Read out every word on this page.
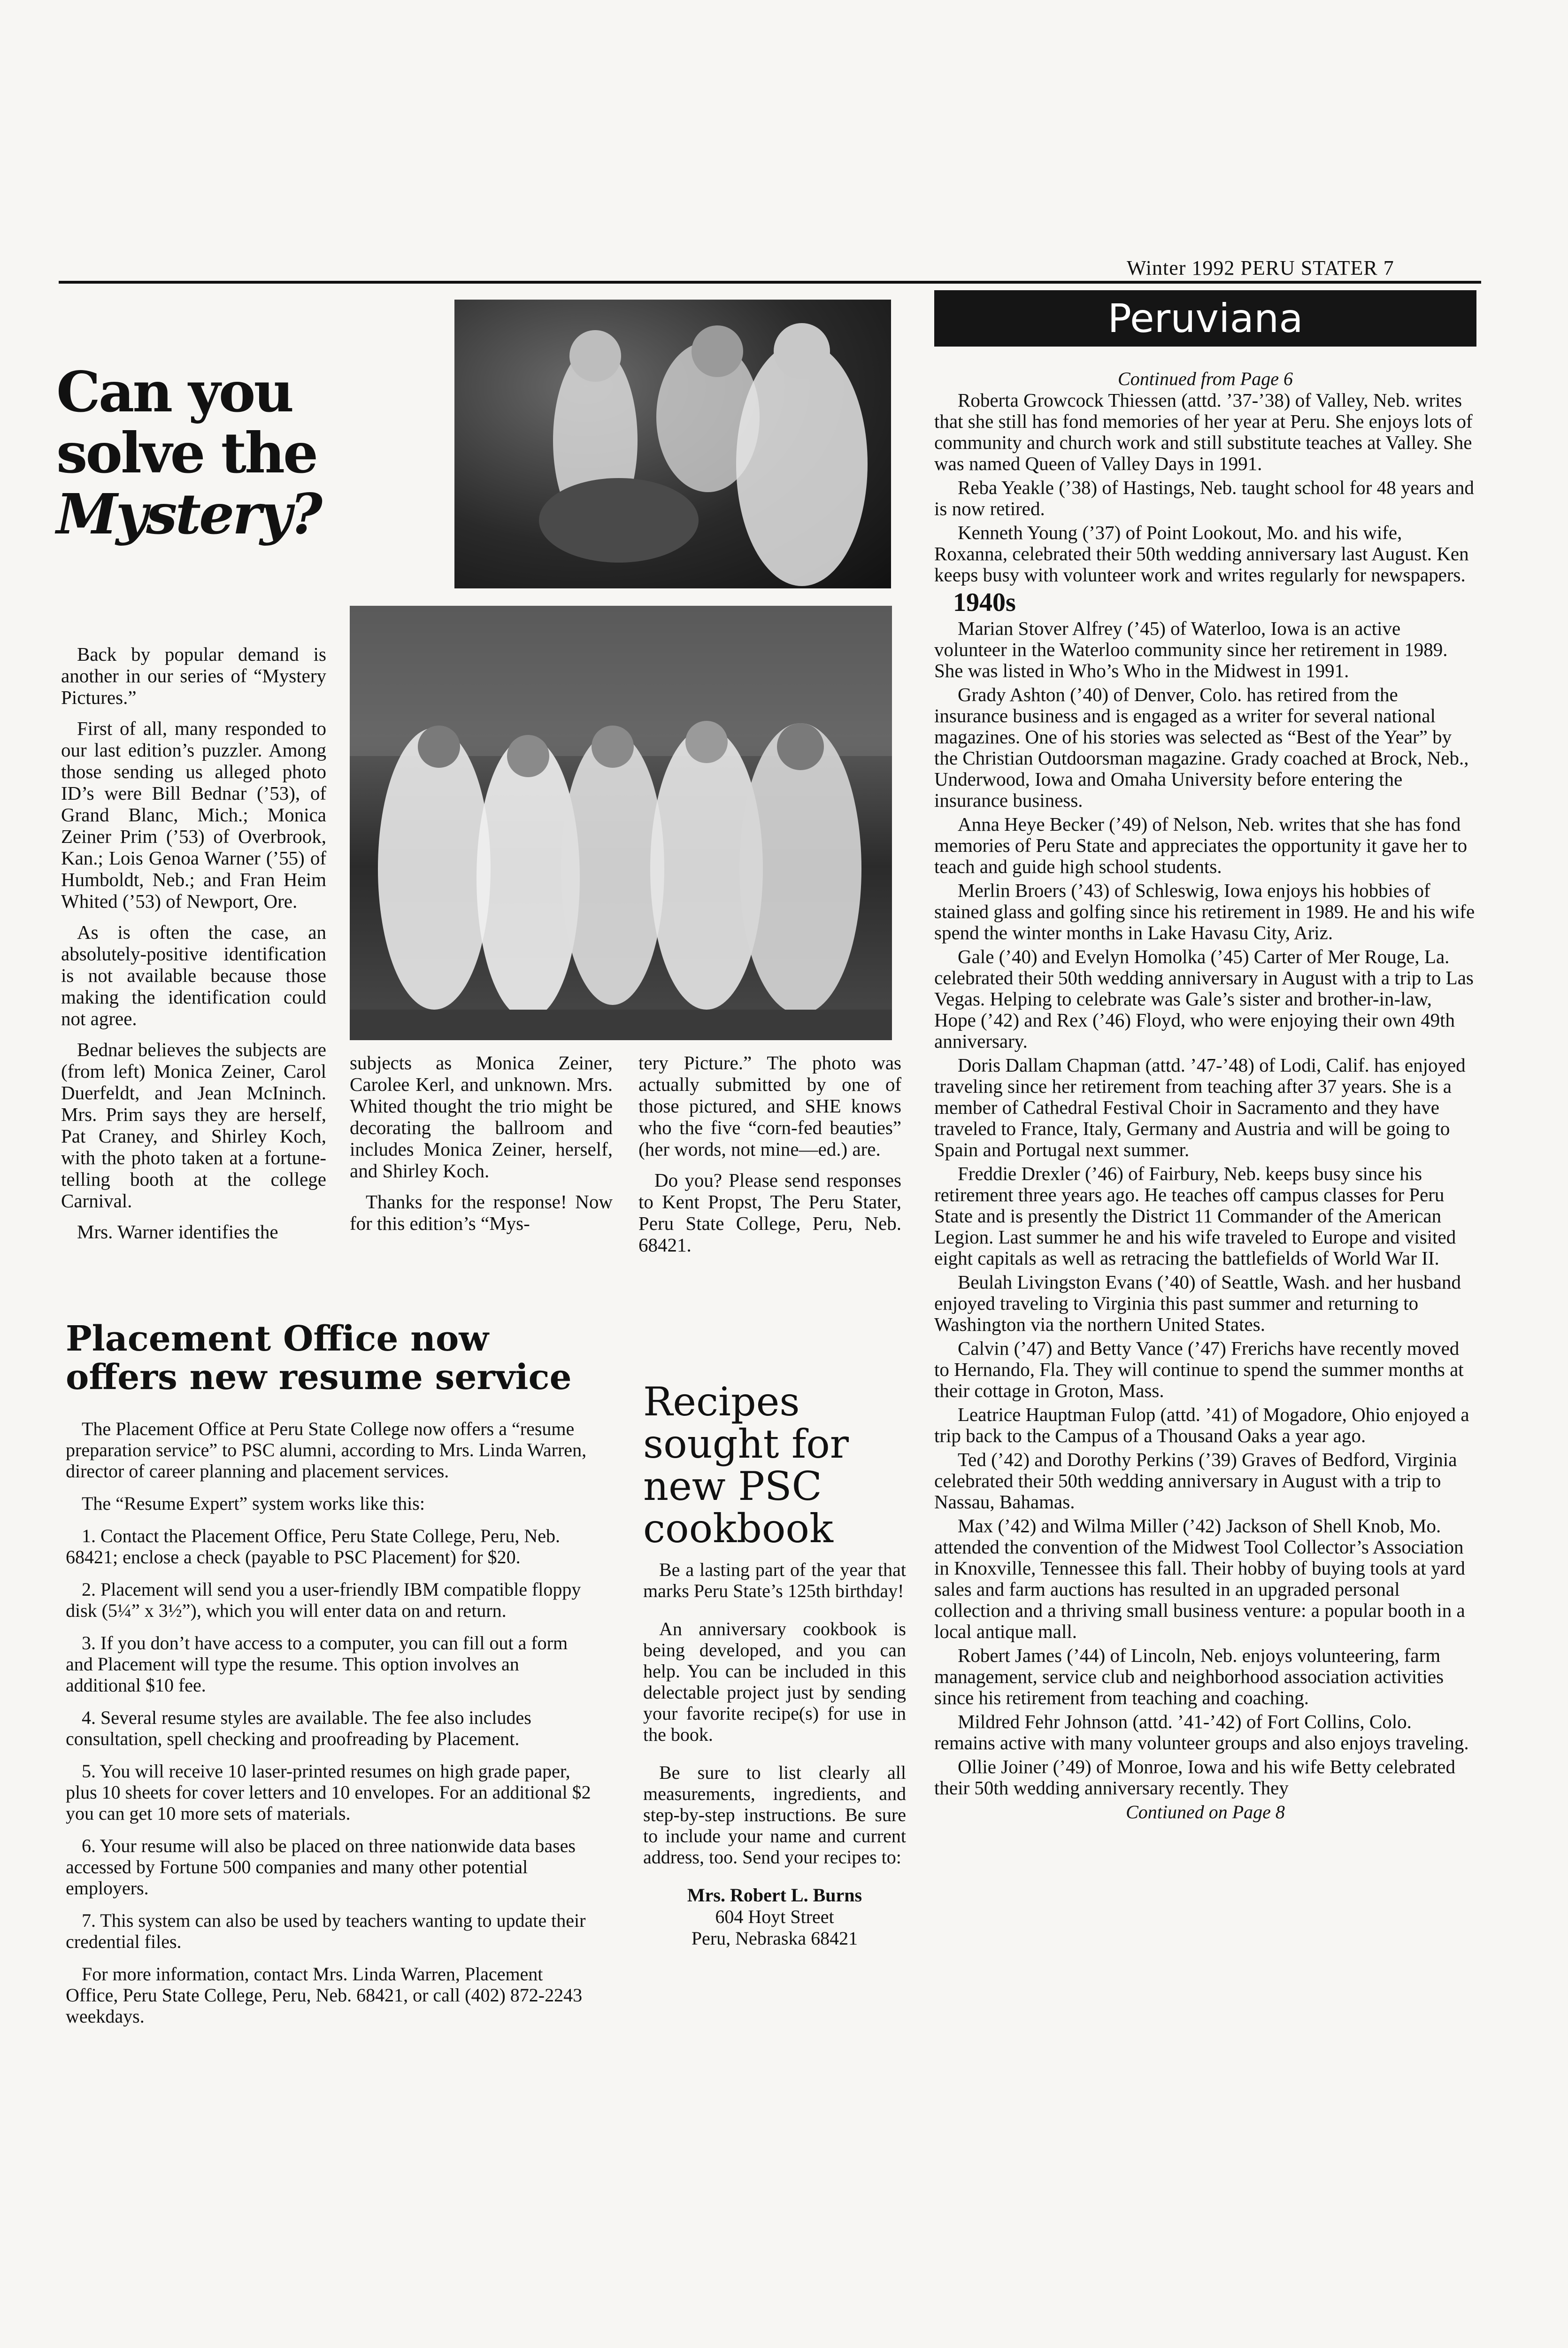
Winter 1992 PERU STATER 7
Can you
solve the
Mystery?

Back by popular demand is another in our series of “Mystery Pictures.”

First of all, many responded to our last edition’s puzzler. Among those sending us alleged photo ID’s were Bill Bednar (’53), of Grand Blanc, Mich.; Monica Zeiner Prim (’53) of Overbrook, Kan.; Lois Genoa Warner (’55) of Humboldt, Neb.; and Fran Heim Whited (’53) of Newport, Ore.

As is often the case, an absolutely-positive identification is not available because those making the identification could not agree.

Bednar believes the subjects are (from left) Monica Zeiner, Carol Duerfeldt, and Jean McIninch. Mrs. Prim says they are herself, Pat Craney, and Shirley Koch, with the photo taken at a fortune-telling booth at the college Carnival.

Mrs. Warner identifies the

subjects as Monica Zeiner, Carolee Kerl, and unknown. Mrs. Whited thought the trio might be decorating the ballroom and includes Monica Zeiner, herself, and Shirley Koch.

Thanks for the response! Now for this edition’s “Mys-

tery Picture.” The photo was actually submitted by one of those pictured, and SHE knows who the five “corn-fed beauties” (her words, not mine—ed.) are.

Do you? Please send responses to Kent Propst, The Peru Stater, Peru State College, Peru, Neb. 68421.

Placement Office now offers new resume service

The Placement Office at Peru State College now offers a “resume preparation service” to PSC alumni, according to Mrs. Linda Warren, director of career planning and placement services.

The “Resume Expert” system works like this:

1. Contact the Placement Office, Peru State College, Peru, Neb. 68421; enclose a check (payable to PSC Placement) for $20.

2. Placement will send you a user-friendly IBM compatible floppy disk (5¼” x 3½”), which you will enter data on and return.

3. If you don’t have access to a computer, you can fill out a form and Placement will type the resume. This option involves an additional $10 fee.

4. Several resume styles are available. The fee also includes consultation, spell checking and proofreading by Placement.

5. You will receive 10 laser-printed resumes on high grade paper, plus 10 sheets for cover letters and 10 envelopes. For an additional $2 you can get 10 more sets of materials.

6. Your resume will also be placed on three nationwide data bases accessed by Fortune 500 companies and many other potential employers.

7. This system can also be used by teachers wanting to update their credential files.

For more information, contact Mrs. Linda Warren, Placement Office, Peru State College, Peru, Neb. 68421, or call (402) 872-2243 weekdays.

Recipes sought for new PSC cookbook

Be a lasting part of the year that marks Peru State’s 125th birthday!

An anniversary cookbook is being developed, and you can help. You can be included in this delectable project just by sending your favorite recipe(s) for use in the book.

Be sure to list clearly all measurements, ingredients, and step-by-step instructions. Be sure to include your name and current address, too. Send your recipes to:

Mrs. Robert L. Burns
604 Hoyt Street
Peru, Nebraska 68421
Peruviana
Continued from Page 6

Roberta Growcock Thiessen (attd. ’37-’38) of Valley, Neb. writes that she still has fond memories of her year at Peru. She enjoys lots of community and church work and still substitute teaches at Valley. She was named Queen of Valley Days in 1991.

Reba Yeakle (’38) of Hastings, Neb. taught school for 48 years and is now retired.

Kenneth Young (’37) of Point Lookout, Mo. and his wife, Roxanna, celebrated their 50th wedding anniversary last August. Ken keeps busy with volunteer work and writes regularly for newspapers.

1940s

Marian Stover Alfrey (’45) of Waterloo, Iowa is an active volunteer in the Waterloo community since her retirement in 1989. She was listed in Who’s Who in the Midwest in 1991.

Grady Ashton (’40) of Denver, Colo. has retired from the insurance business and is engaged as a writer for several national magazines. One of his stories was selected as “Best of the Year” by the Christian Outdoorsman magazine. Grady coached at Brock, Neb., Underwood, Iowa and Omaha University before entering the insurance business.

Anna Heye Becker (’49) of Nelson, Neb. writes that she has fond memories of Peru State and appreciates the opportunity it gave her to teach and guide high school students.

Merlin Broers (’43) of Schleswig, Iowa enjoys his hobbies of stained glass and golfing since his retirement in 1989. He and his wife spend the winter months in Lake Havasu City, Ariz.

Gale (’40) and Evelyn Homolka (’45) Carter of Mer Rouge, La. celebrated their 50th wedding anniversary in August with a trip to Las Vegas. Helping to celebrate was Gale’s sister and brother-in-law, Hope (’42) and Rex (’46) Floyd, who were enjoying their own 49th anniversary.

Doris Dallam Chapman (attd. ’47-’48) of Lodi, Calif. has enjoyed traveling since her retirement from teaching after 37 years. She is a member of Cathedral Festival Choir in Sacramento and they have traveled to France, Italy, Germany and Austria and will be going to Spain and Portugal next summer.

Freddie Drexler (’46) of Fairbury, Neb. keeps busy since his retirement three years ago. He teaches off campus classes for Peru State and is presently the District 11 Commander of the American Legion. Last summer he and his wife traveled to Europe and visited eight capitals as well as retracing the battlefields of World War II.

Beulah Livingston Evans (’40) of Seattle, Wash. and her husband enjoyed traveling to Virginia this past summer and returning to Washington via the northern United States.

Calvin (’47) and Betty Vance (’47) Frerichs have recently moved to Hernando, Fla. They will continue to spend the summer months at their cottage in Groton, Mass.

Leatrice Hauptman Fulop (attd. ’41) of Mogadore, Ohio enjoyed a trip back to the Campus of a Thousand Oaks a year ago.

Ted (’42) and Dorothy Perkins (’39) Graves of Bedford, Virginia celebrated their 50th wedding anniversary in August with a trip to Nassau, Bahamas.

Max (’42) and Wilma Miller (’42) Jackson of Shell Knob, Mo. attended the convention of the Midwest Tool Collector’s Association in Knoxville, Tennessee this fall. Their hobby of buying tools at yard sales and farm auctions has resulted in an upgraded personal collection and a thriving small business venture: a popular booth in a local antique mall.

Robert James (’44) of Lincoln, Neb. enjoys volunteering, farm management, service club and neighborhood association activities since his retirement from teaching and coaching.

Mildred Fehr Johnson (attd. ’41-’42) of Fort Collins, Colo. remains active with many volunteer groups and also enjoys traveling.

Ollie Joiner (’49) of Monroe, Iowa and his wife Betty celebrated their 50th wedding anniversary recently. They

Contiuned on Page 8
